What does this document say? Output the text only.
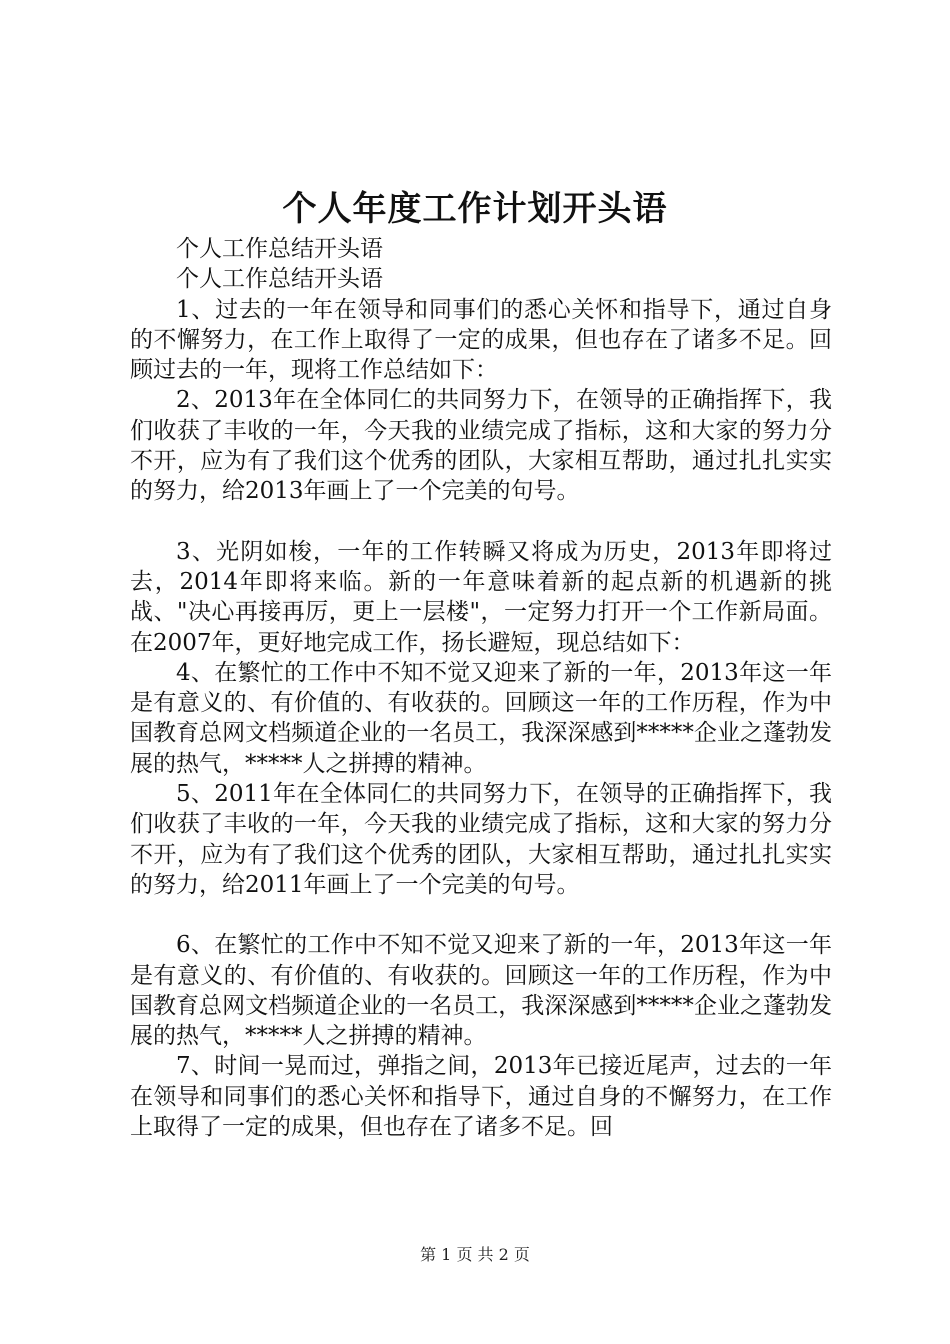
个人年度工作计划开头语

个人工作总结开头语

个人工作总结开头语

1、过去的一年在领导和同事们的悉心关怀和指导下，通过自身的不懈努力，在工作上取得了一定的成果，但也存在了诸多不足。回顾过去的一年，现将工作总结如下：

2、2013年在全体同仁的共同努力下，在领导的正确指挥下，我们收获了丰收的一年，今天我的业绩完成了指标，这和大家的努力分不开，应为有了我们这个优秀的团队，大家相互帮助，通过扎扎实实的努力，给2013年画上了一个完美的句号。

3、光阴如梭，一年的工作转瞬又将成为历史，2013年即将过去，2014年即将来临。新的一年意味着新的起点新的机遇新的挑战、"决心再接再厉，更上一层楼"，一定努力打开一个工作新局面。在2007年，更好地完成工作，扬长避短，现总结如下：

4、在繁忙的工作中不知不觉又迎来了新的一年，2013年这一年是有意义的、有价值的、有收获的。回顾这一年的工作历程，作为中国教育总网文档频道企业的一名员工，我深深感到*****企业之蓬勃发展的热气，*****人之拼搏的精神。

5、2011年在全体同仁的共同努力下，在领导的正确指挥下，我们收获了丰收的一年，今天我的业绩完成了指标，这和大家的努力分不开，应为有了我们这个优秀的团队，大家相互帮助，通过扎扎实实的努力，给2011年画上了一个完美的句号。

6、在繁忙的工作中不知不觉又迎来了新的一年，2013年这一年是有意义的、有价值的、有收获的。回顾这一年的工作历程，作为中国教育总网文档频道企业的一名员工，我深深感到*****企业之蓬勃发展的热气，*****人之拼搏的精神。

7、时间一晃而过，弹指之间，2013年已接近尾声，过去的一年在领导和同事们的悉心关怀和指导下，通过自身的不懈努力，在工作上取得了一定的成果，但也存在了诸多不足。回

第 1 页 共 2 页
